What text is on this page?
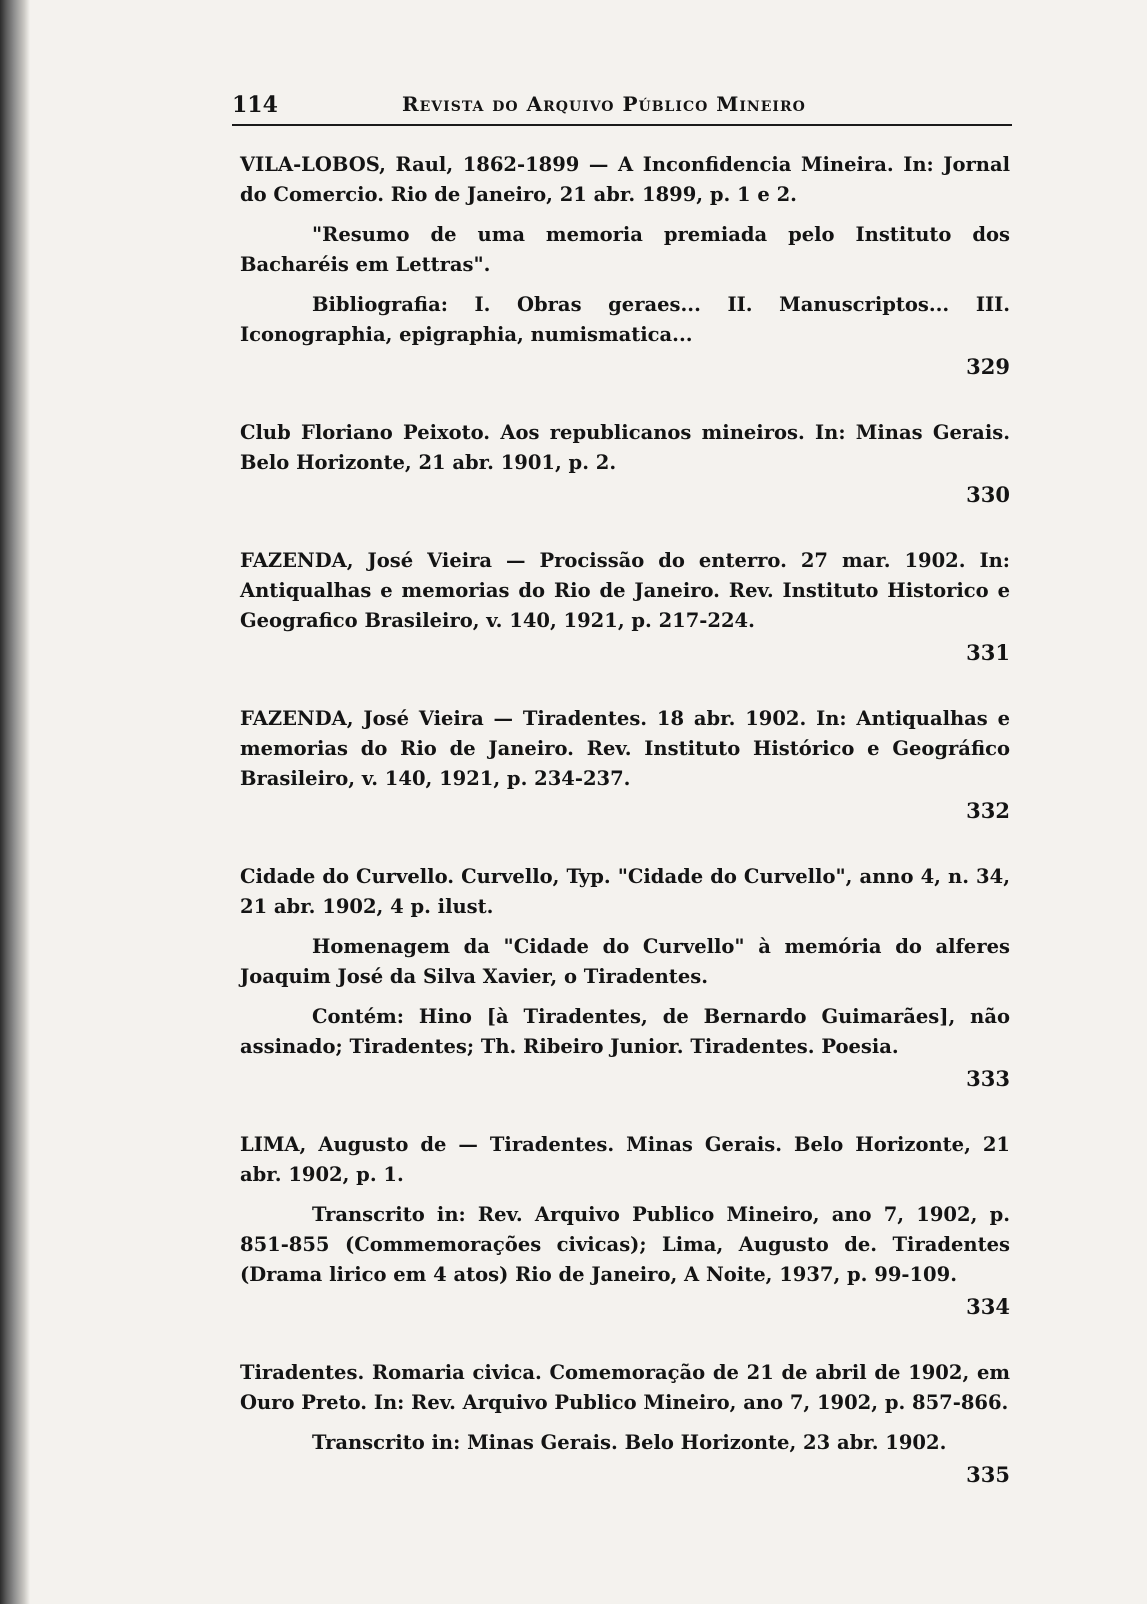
114	Revista do Arquivo Público Mineiro

VILA-LOBOS, Raul, 1862-1899 — A Inconfidencia Mineira. In: Jornal do Comercio. Rio de Janeiro, 21 abr. 1899, p. 1 e 2.

"Resumo de uma memoria premiada pelo Instituto dos Bacharéis em Lettras".

Bibliografia: I. Obras geraes... II. Manuscriptos... III. Iconographia, epigraphia, numismatica...

329

Club Floriano Peixoto. Aos republicanos mineiros. In: Minas Gerais. Belo Horizonte, 21 abr. 1901, p. 2.

330

FAZENDA, José Vieira — Procissão do enterro. 27 mar. 1902. In: Antiqualhas e memorias do Rio de Janeiro. Rev. Instituto Historico e Geografico Brasileiro, v. 140, 1921, p. 217-224.

331

FAZENDA, José Vieira — Tiradentes. 18 abr. 1902. In: Antiqualhas e memorias do Rio de Janeiro. Rev. Instituto Histórico e Geográfico Brasileiro, v. 140, 1921, p. 234-237.

332

Cidade do Curvello. Curvello, Typ. "Cidade do Curvello", anno 4, n. 34, 21 abr. 1902, 4 p. ilust.

Homenagem da "Cidade do Curvello" à memória do alferes Joaquim José da Silva Xavier, o Tiradentes.

Contém: Hino [à Tiradentes, de Bernardo Guimarães], não assinado; Tiradentes; Th. Ribeiro Junior. Tiradentes. Poesia.

333

LIMA, Augusto de — Tiradentes. Minas Gerais. Belo Horizonte, 21 abr. 1902, p. 1.

Transcrito in: Rev. Arquivo Publico Mineiro, ano 7, 1902, p. 851-855 (Commemorações civicas); Lima, Augusto de. Tiradentes (Drama lirico em 4 atos) Rio de Janeiro, A Noite, 1937, p. 99-109.

334

Tiradentes. Romaria civica. Comemoração de 21 de abril de 1902, em Ouro Preto. In: Rev. Arquivo Publico Mineiro, ano 7, 1902, p. 857-866.

Transcrito in: Minas Gerais. Belo Horizonte, 23 abr. 1902.

335
